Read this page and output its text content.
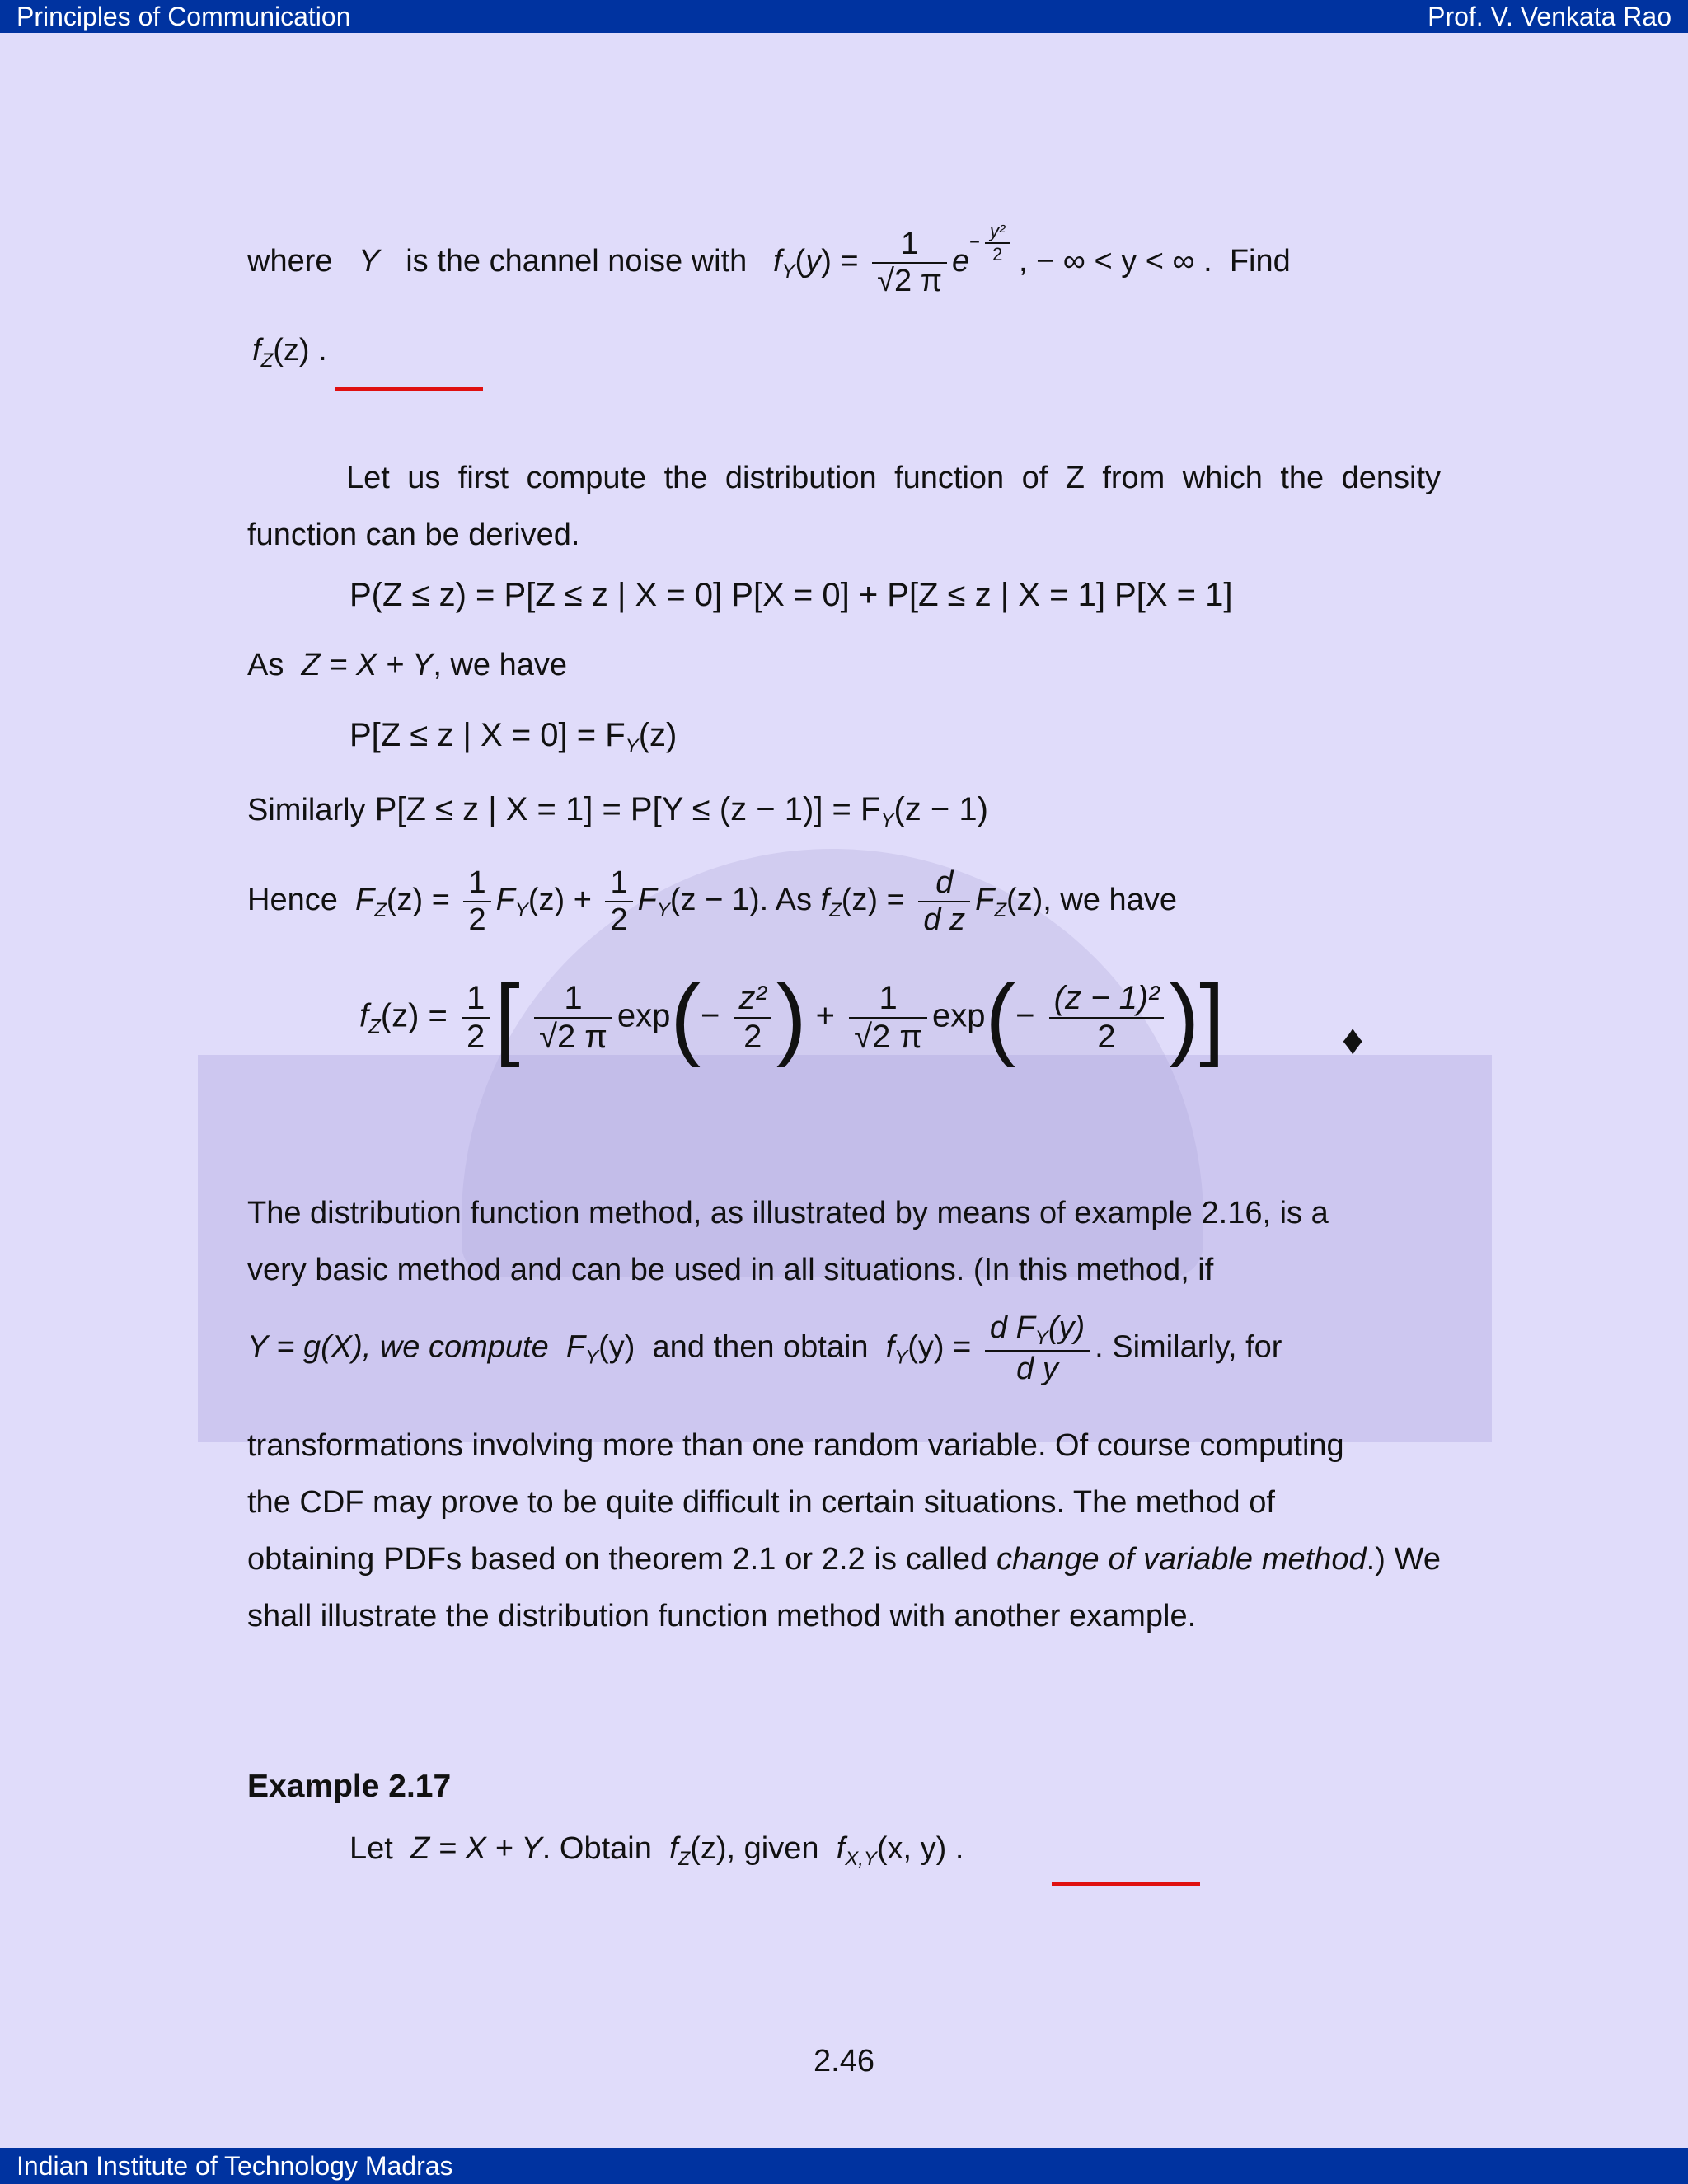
Principles of Communication	Prof. V. Venkata Rao
where Y is the channel noise with $f_Y(y) = \frac{1}{√2 \pi} e^{- \frac{\text{y²}}{2}}$ , − ∞ < y < ∞ . Find
$f_Z(z)$ .
Let us first compute the distribution function of Z from which the density function can be derived.
P(Z ≤ z) = P[Z ≤ z | X = 0] P[X = 0] + P[Z ≤ z | X = 1] P[X = 1]
As Z = X + Y, we have
P[Z ≤ z | $X = 0] = F_Y(z)$
Similarly P[Z ≤ z | $X = 1] = P[Y \le (z - 1)] = F_Y(z - 1)$
Hence $F_Z(z) = \frac{1}{2} F_Y(z) + \frac{1}{2} F_Y(z - 1)$. As $f_Z(z) = \frac{d}{\text{d z}} F_Z(z)$, we have
$f_Z(z) = \frac{1}{2}$ [ $\frac{1}{√2 \pi} \exp(- \frac{\text{z²}}{2}$ ) + $\frac{1}{√2 \pi} \exp(- \frac{\text{(z − 1)²}}{2}$ )]	♦
The distribution function method, as illustrated by means of example 2.16, is a
very basic method and can be used in all situations. (In this method, if
Y = g(X), we compute $F_Y(y)$ and then obtain $f_Y(y) = \frac{d F_Y(y)}{\text{d y}}$ . Similarly, for
transformations involving more than one random variable. Of course computing
the CDF may prove to be quite difficult in certain situations. The method of
obtaining PDFs based on theorem 2.1 or 2.2 is called change of variable method.) We shall illustrate the distribution function method with another example.
Example 2.17
Let Z = X + Y. Obtain $f_Z(z)$, given $f_{X,Y}(x$, y) .
2.46
Indian Institute of Technology Madras
